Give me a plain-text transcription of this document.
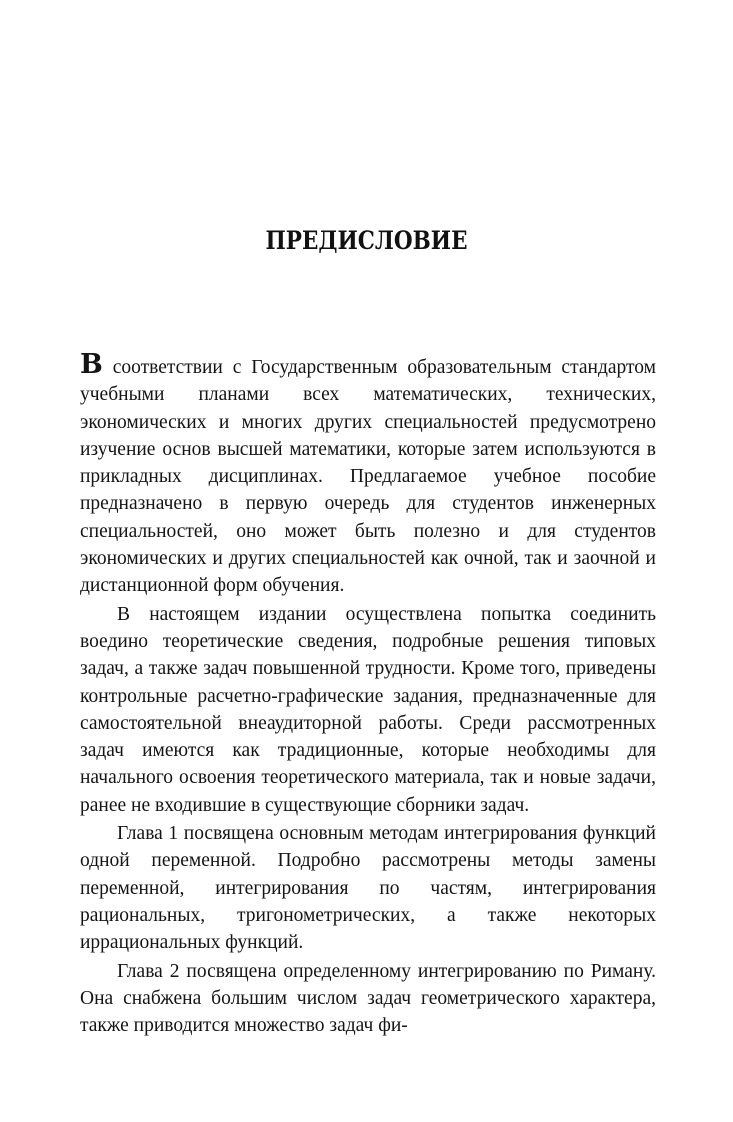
ПРЕДИСЛОВИЕ

В соответствии с Государственным образовательным стандартом учебными планами всех математических, технических, экономических и многих других специальностей предусмотрено изучение основ высшей математики, которые затем используются в прикладных дисциплинах. Предлагаемое учебное пособие предназначено в первую очередь для студентов инженерных специальностей, оно может быть полезно и для студентов экономических и других специальностей как очной, так и заочной и дистанционной форм обучения.

В настоящем издании осуществлена попытка соединить воедино теоретические сведения, подробные решения типовых задач, а также задач повышенной трудности. Кроме того, приведены контрольные расчетно-графические задания, предназначенные для самостоятельной внеаудиторной работы. Среди рассмотренных задач имеются как традиционные, которые необходимы для начального освоения теоретического материала, так и новые задачи, ранее не входившие в существующие сборники задач.

Глава 1 посвящена основным методам интегрирования функций одной переменной. Подробно рассмотрены методы замены переменной, интегрирования по частям, интегрирования рациональных, тригонометрических, а также некоторых иррациональных функций.

Глава 2 посвящена определенному интегрированию по Риману. Она снабжена большим числом задач геометрического характера, также приводится множество задач фи-
